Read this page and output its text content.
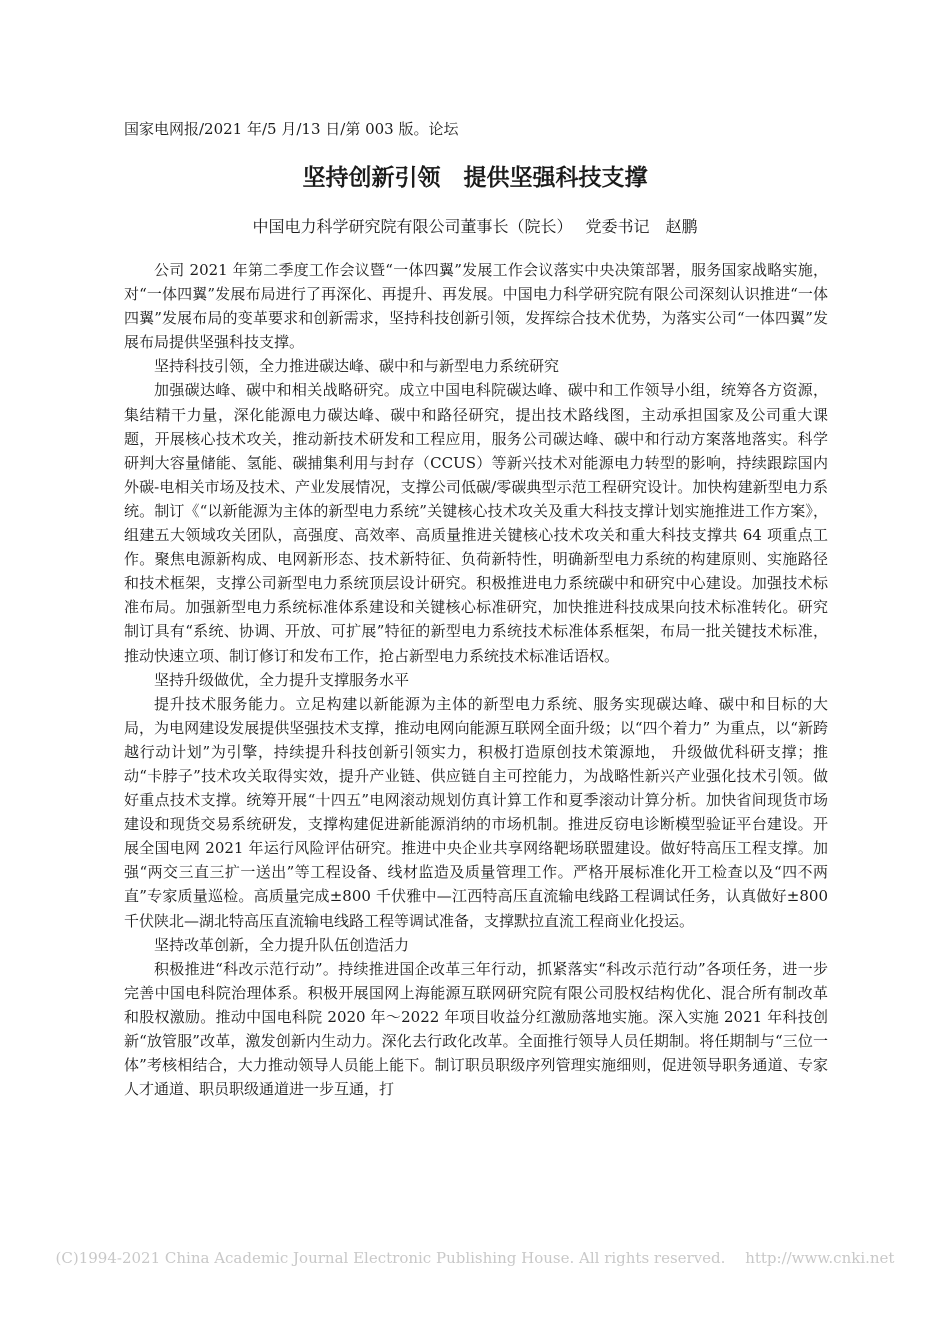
国家电网报/2021 年/5 月/13 日/第 003 版。论坛
坚持创新引领　提供坚强科技支撑
中国电力科学研究院有限公司董事长（院长）　 党委书记　赵鹏

公司 2021 年第二季度工作会议暨“一体四翼”发展工作会议落实中央决策部署，服务国家战略实施，对“一体四翼”发展布局进行了再深化、再提升、再发展。中国电力科学研究院有限公司深刻认识推进“一体四翼”发展布局的变革要求和创新需求，坚持科技创新引领，发挥综合技术优势，为落实公司“一体四翼”发展布局提供坚强科技支撑。

坚持科技引领，全力推进碳达峰、碳中和与新型电力系统研究

加强碳达峰、碳中和相关战略研究。成立中国电科院碳达峰、碳中和工作领导小组，统筹各方资源，集结精干力量，深化能源电力碳达峰、碳中和路径研究，提出技术路线图，主动承担国家及公司重大课题，开展核心技术攻关，推动新技术研发和工程应用，服务公司碳达峰、碳中和行动方案落地落实。科学研判大容量储能、氢能、碳捕集利用与封存（CCUS）等新兴技术对能源电力转型的影响，持续跟踪国内外碳-电相关市场及技术、产业发展情况，支撑公司低碳/零碳典型示范工程研究设计。加快构建新型电力系统。制订《“以新能源为主体的新型电力系统”关键核心技术攻关及重大科技支撑计划实施推进工作方案》，组建五大领域攻关团队，高强度、高效率、高质量推进关键核心技术攻关和重大科技支撑共 64 项重点工作。聚焦电源新构成、电网新形态、技术新特征、负荷新特性，明确新型电力系统的构建原则、实施路径和技术框架，支撑公司新型电力系统顶层设计研究。积极推进电力系统碳中和研究中心建设。加强技术标准布局。加强新型电力系统标准体系建设和关键核心标准研究，加快推进科技成果向技术标准转化。研究制订具有“系统、协调、开放、可扩展”特征的新型电力系统技术标准体系框架，布局一批关键技术标准，推动快速立项、制订修订和发布工作，抢占新型电力系统技术标准话语权。

坚持升级做优，全力提升支撑服务水平

提升技术服务能力。立足构建以新能源为主体的新型电力系统、服务实现碳达峰、碳中和目标的大局，为电网建设发展提供坚强技术支撑，推动电网向能源互联网全面升级；以“四个着力” 为重点，以“新跨越行动计划”为引擎，持续提升科技创新引领实力，积极打造原创技术策源地， 升级做优科研支撑；推动“卡脖子”技术攻关取得实效，提升产业链、供应链自主可控能力，为战略性新兴产业强化技术引领。做好重点技术支撑。统筹开展“十四五”电网滚动规划仿真计算工作和夏季滚动计算分析。加快省间现货市场建设和现货交易系统研发，支撑构建促进新能源消纳的市场机制。推进反窃电诊断模型验证平台建设。开展全国电网 2021 年运行风险评估研究。推进中央企业共享网络靶场联盟建设。做好特高压工程支撑。加强“两交三直三扩一送出”等工程设备、线材监造及质量管理工作。严格开展标准化开工检查以及“四不两直”专家质量巡检。高质量完成±800 千伏雅中—江西特高压直流输电线路工程调试任务，认真做好±800 千伏陕北—湖北特高压直流输电线路工程等调试准备，支撑默拉直流工程商业化投运。

坚持改革创新，全力提升队伍创造活力

积极推进“科改示范行动”。持续推进国企改革三年行动，抓紧落实“科改示范行动”各项任务，进一步完善中国电科院治理体系。积极开展国网上海能源互联网研究院有限公司股权结构优化、混合所有制改革和股权激励。推动中国电科院 2020 年～2022 年项目收益分红激励落地实施。深入实施 2021 年科技创新“放管服”改革，激发创新内生动力。深化去行政化改革。全面推行领导人员任期制。将任期制与“三位一体”考核相结合，大力推动领导人员能上能下。制订职员职级序列管理实施细则，促进领导职务通道、专家人才通道、职员职级通道进一步互通，打

(C)1994-2021 China Academic Journal Electronic Publishing House. All rights reserved.　 http://www.cnki.net
